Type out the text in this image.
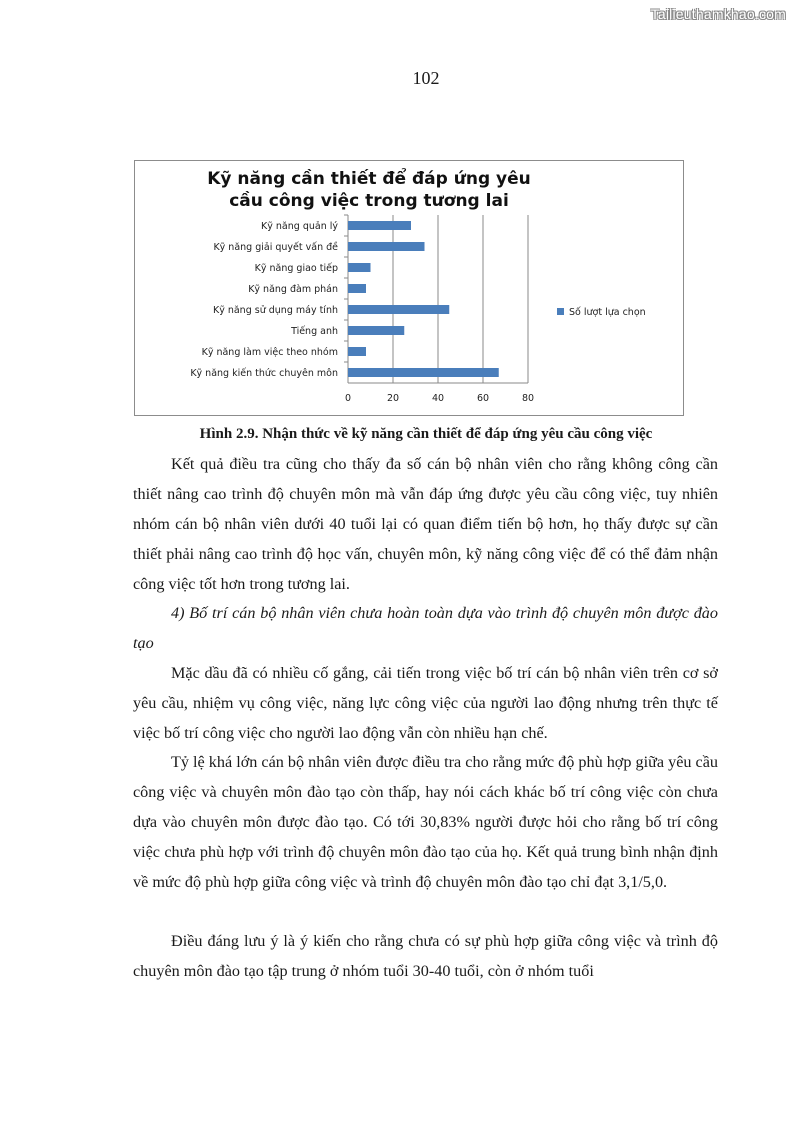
Tailieuthamkhao.com
102
Kỹ năng cần thiết để đáp ứng yêu
cầu công việc trong tương lai
0	20	40	60	80
Kỹ năng quản lý
Kỹ năng giải quyết vấn đề
Kỹ năng giao tiếp
Kỹ năng đàm phán
Kỹ năng sử dụng máy tính
Tiếng anh
Kỹ năng làm việc theo nhóm
Kỹ năng kiến thức chuyên môn
Số lượt lựa chọn
Hình 2.9. Nhận thức về kỹ năng cần thiết để đáp ứng yêu cầu công việc

Kết quả điều tra cũng cho thấy đa số cán bộ nhân viên cho rằng không công cần thiết nâng cao trình độ chuyên môn mà vẫn đáp ứng được yêu cầu công việc, tuy nhiên nhóm cán bộ nhân viên dưới 40 tuổi lại có quan điểm tiến bộ hơn, họ thấy được sự cần thiết phải nâng cao trình độ học vấn, chuyên môn, kỹ năng công việc để có thể đảm nhận công việc tốt hơn trong tương lai.

4) Bố trí cán bộ nhân viên chưa hoàn toàn dựa vào trình độ chuyên môn được đào tạo

Mặc dầu đã có nhiều cố gắng, cải tiến trong việc bố trí cán bộ nhân viên trên cơ sở yêu cầu, nhiệm vụ công việc, năng lực công việc của người lao động nhưng trên thực tế việc bố trí công việc cho người lao động vẫn còn nhiều hạn chế.

Tỷ lệ khá lớn cán bộ nhân viên được điều tra cho rằng mức độ phù hợp giữa yêu cầu công việc và chuyên môn đào tạo còn thấp, hay nói cách khác bố trí công việc còn chưa dựa vào chuyên môn được đào tạo. Có tới 30,83% người được hỏi cho rằng bố trí công việc chưa phù hợp với trình độ chuyên môn đào tạo của họ. Kết quả trung bình nhận định về mức độ phù hợp giữa công việc và trình độ chuyên môn đào tạo chỉ đạt 3,1/5,0.

Điều đáng lưu ý là ý kiến cho rằng chưa có sự phù hợp giữa công việc và trình độ chuyên môn đào tạo tập trung ở nhóm tuổi 30-40 tuổi, còn ở nhóm tuổi
